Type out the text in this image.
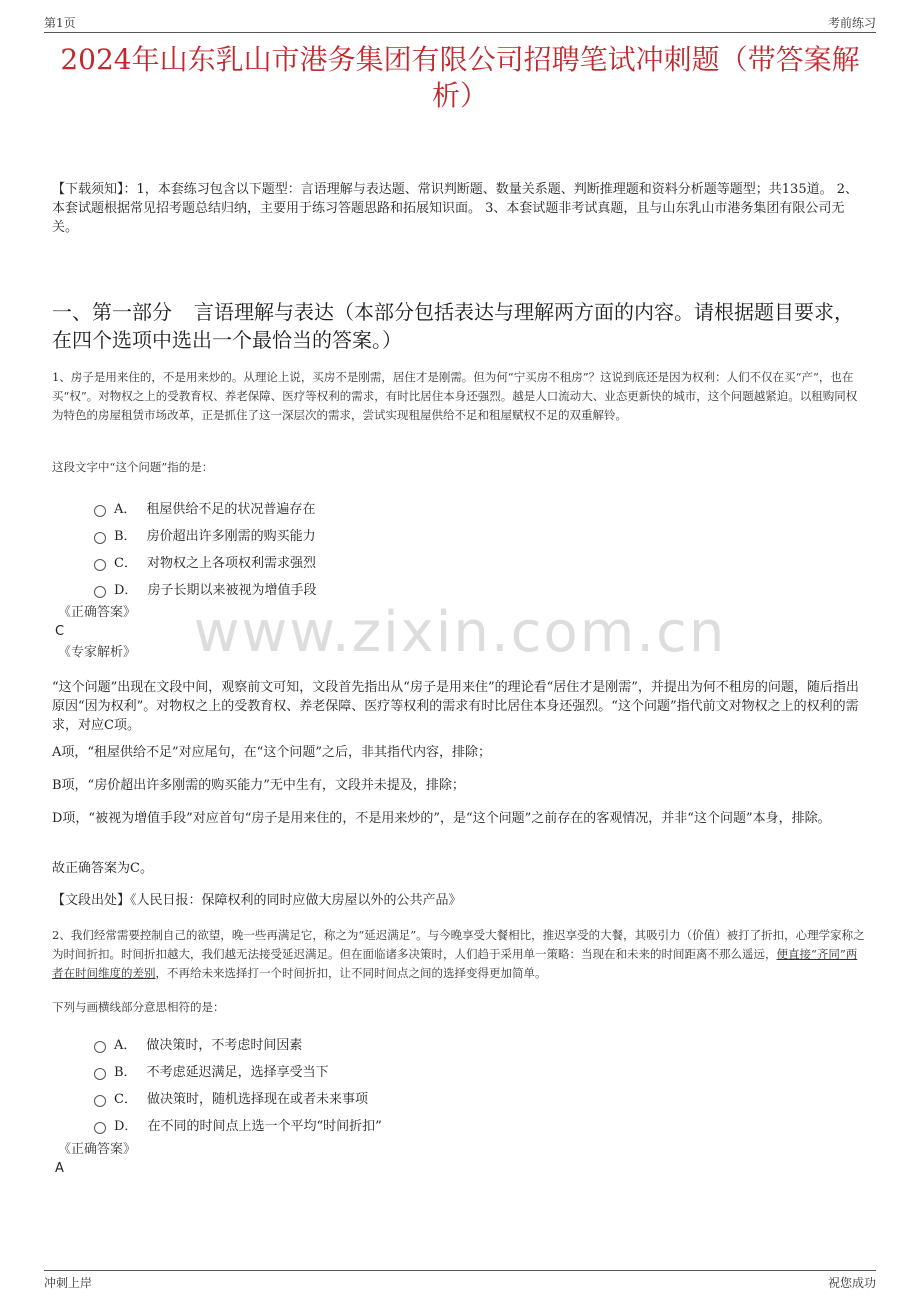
第1页	考前练习
2024年山东乳山市港务集团有限公司招聘笔试冲刺题（带答案解析）
【下载须知】：1，本套练习包含以下题型：言语理解与表达题、常识判断题、数量关系题、判断推理题和资料分析题等题型；共135道。 2、本套试题根据常见招考题总结归纳，主要用于练习答题思路和拓展知识面。 3、本套试题非考试真题，且与山东乳山市港务集团有限公司无关。
一、第一部分 言语理解与表达（本部分包括表达与理解两方面的内容。请根据题目要求，在四个选项中选出一个最恰当的答案。）
1、房子是用来住的，不是用来炒的。从理论上说，买房不是刚需，居住才是刚需。但为何“宁买房不租房”？这说到底还是因为权利：人们不仅在买“产”，也在买“权”。对物权之上的受教育权、养老保障、医疗等权利的需求，有时比居住本身还强烈。越是人口流动大、业态更新快的城市，这个问题越紧迫。以租购同权为特色的房屋租赁市场改革，正是抓住了这一深层次的需求，尝试实现租屋供给不足和租屋赋权不足的双重解铃。
这段文字中“这个问题”指的是：
A． 租屋供给不足的状况普遍存在
B． 房价超出许多刚需的购买能力
C． 对物权之上各项权利需求强烈
D． 房子长期以来被视为增值手段
《正确答案》
C
《专家解析》
“这个问题”出现在文段中间，观察前文可知，文段首先指出从“房子是用来住”的理论看“居住才是刚需”，并提出为何不租房的问题，随后指出原因“因为权利”。对物权之上的受教育权、养老保障、医疗等权利的需求有时比居住本身还强烈。“这个问题”指代前文对物权之上的权利的需求，对应C项。
A项，“租屋供给不足”对应尾句，在“这个问题”之后，非其指代内容，排除；
B项，“房价超出许多刚需的购买能力”无中生有，文段并未提及，排除；
D项，“被视为增值手段”对应首句“房子是用来住的，不是用来炒的”，是“这个问题”之前存在的客观情况，并非“这个问题”本身，排除。
故正确答案为C。
【文段出处】《人民日报：保障权利的同时应做大房屋以外的公共产品》
2、我们经常需要控制自己的欲望，晚一些再满足它，称之为“延迟满足”。与今晚享受大餐相比，推迟享受的大餐，其吸引力（价值）被打了折扣，心理学家称之为时间折扣。时间折扣越大，我们越无法接受延迟满足。但在面临诸多决策时，人们趋于采用单一策略：当现在和未来的时间距离不那么遥远，便直接“齐同”两者在时间维度的差别，不再给未来选择打一个时间折扣，让不同时间点之间的选择变得更加简单。
下列与画横线部分意思相符的是：
A． 做决策时，不考虑时间因素
B． 不考虑延迟满足，选择享受当下
C． 做决策时，随机选择现在或者未来事项
D． 在不同的时间点上选一个平均“时间折扣”
《正确答案》
A
www.zixin.com.cn
冲刺上岸	祝您成功
